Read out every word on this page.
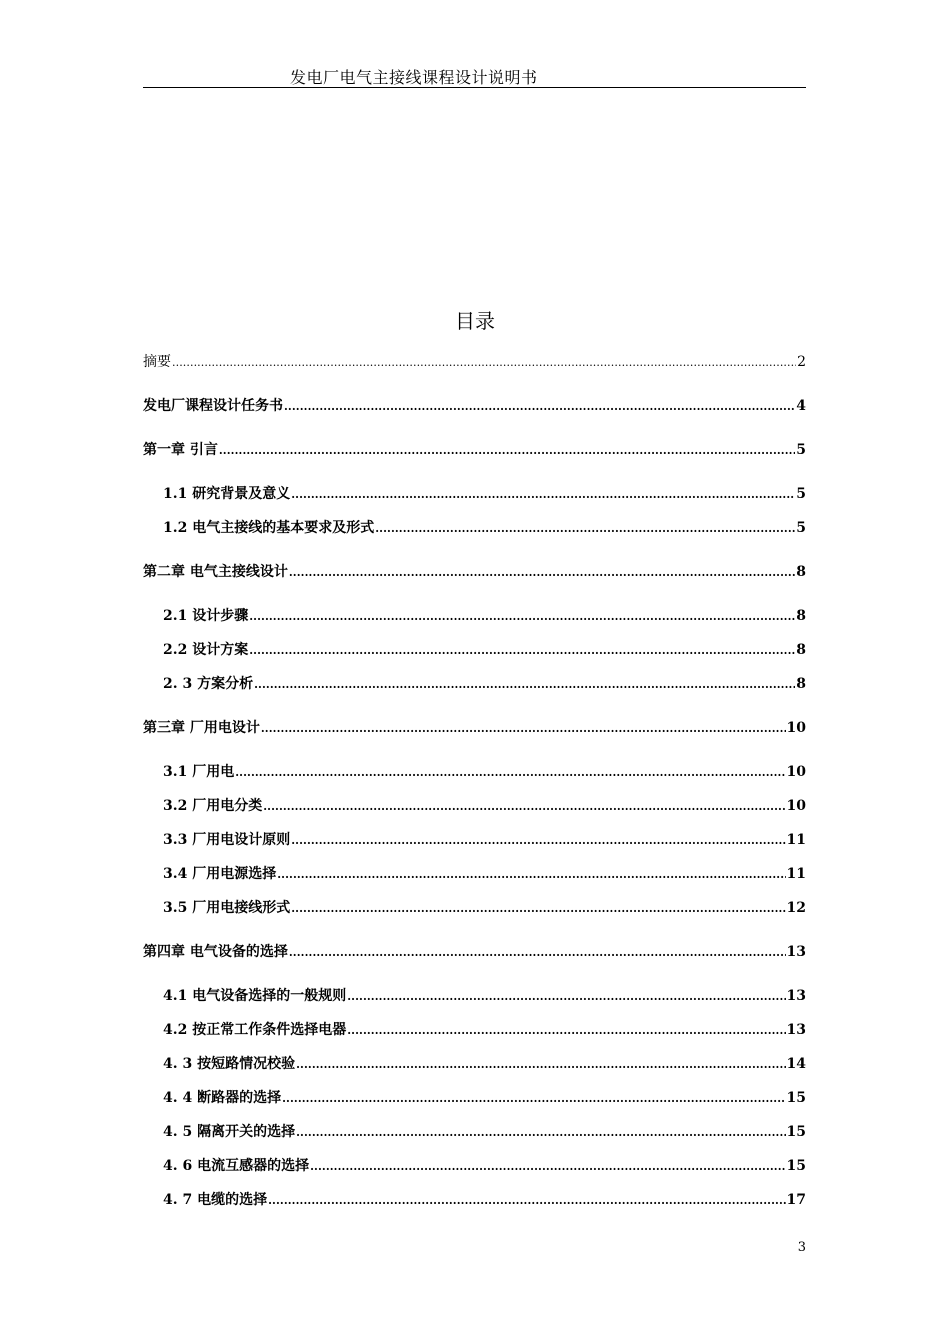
发电厂电气主接线课程设计说明书
目录
摘要 .....	2
发电厂课程设计任务书 .....	4
第一章 引言 .....	5
1.1 研究背景及意义 .....	5
1.2 电气主接线的基本要求及形式 .....	5
第二章 电气主接线设计 .....	8
2.1 设计步骤 .....	8
2.2 设计方案 .....	8
2. 3 方案分析 .....	8
第三章 厂用电设计 .....	10
3.1 厂用电 .....	10
3.2 厂用电分类 .....	10
3.3 厂用电设计原则 .....	11
3.4 厂用电源选择 .....	11
3.5 厂用电接线形式 .....	12
第四章 电气设备的选择 .....	13
4.1 电气设备选择的一般规则 .....	13
4.2 按正常工作条件选择电器 .....	13
4. 3 按短路情况校验 .....	14
4. 4 断路器的选择 .....	15
4. 5 隔离开关的选择 .....	15
4. 6 电流互感器的选择 .....	15
4. 7 电缆的选择 .....	17
3
